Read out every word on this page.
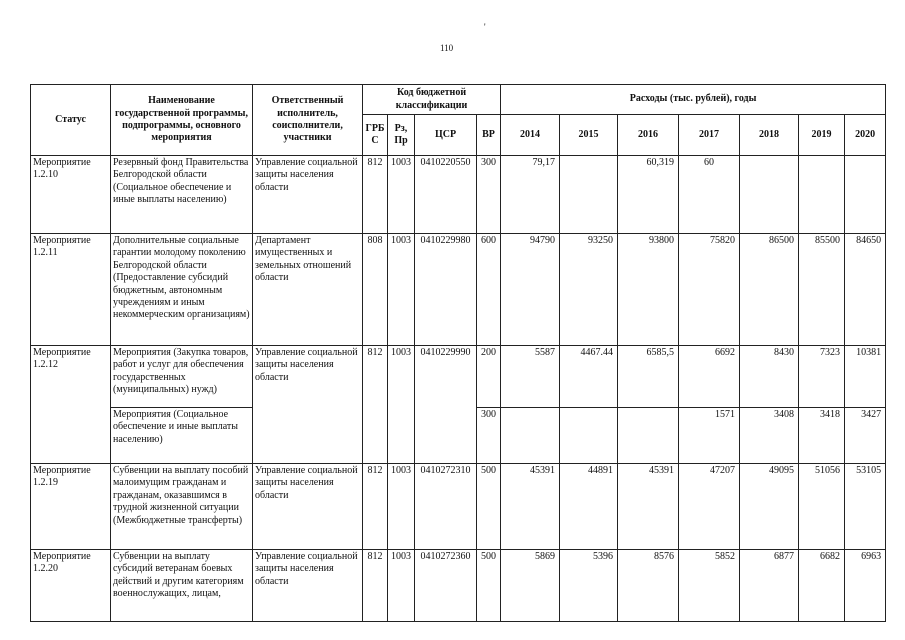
'
110
Статус	Наименование государственной программы, подпрограммы, основного мероприятия	Ответственный исполнитель, соисполнители, участники	Код бюджетной классификации				Расходы (тыс. рублей), годы						
			ГРБ С	Рз, Пр	ЦСР	ВР	2014	2015	2016	2017	2018	2019	2020
Мероприятие 1.2.10	Резервный фонд Правительства Белгородской области (Социальное обеспечение и иные выплаты населению)	Управление социальной защиты населения области	812	1003	0410220550	300	79,17		60,319	60			
Мероприятие 1.2.11	Дополнительные социальные гарантии молодому поколению Белгородской области (Предоставление субсидий бюджетным, автономным учреждениям и иным некоммерческим организациям)	Департамент имущественных и земельных отношений области	808	1003	0410229980	600	94790	93250	93800	75820	86500	85500	84650
Мероприятие 1.2.12	Мероприятия (Закупка товаров, работ и услуг для обеспечения государственных (муниципальных) нужд)	Управление социальной защиты населения области	812	1003	0410229990	200	5587	4467.44	6585,5	6692	8430	7323	10381
	Мероприятия (Социальное обеспечение и иные выплаты населению)					300				1571	3408	3418	3427
Мероприятие 1.2.19	Субвенции на выплату пособий малоимущим гражданам и гражданам, оказавшимся в трудной жизненной ситуации (Межбюджетные трансферты)	Управление социальной защиты населения области	812	1003	0410272310	500	45391	44891	45391	47207	49095	51056	53105
Мероприятие 1.2.20	Субвенции на выплату субсидий ветеранам боевых действий и другим категориям военнослужащих, лицам,	Управление социальной защиты населения области	812	1003	0410272360	500	5869	5396	8576	5852	6877	6682	6963
